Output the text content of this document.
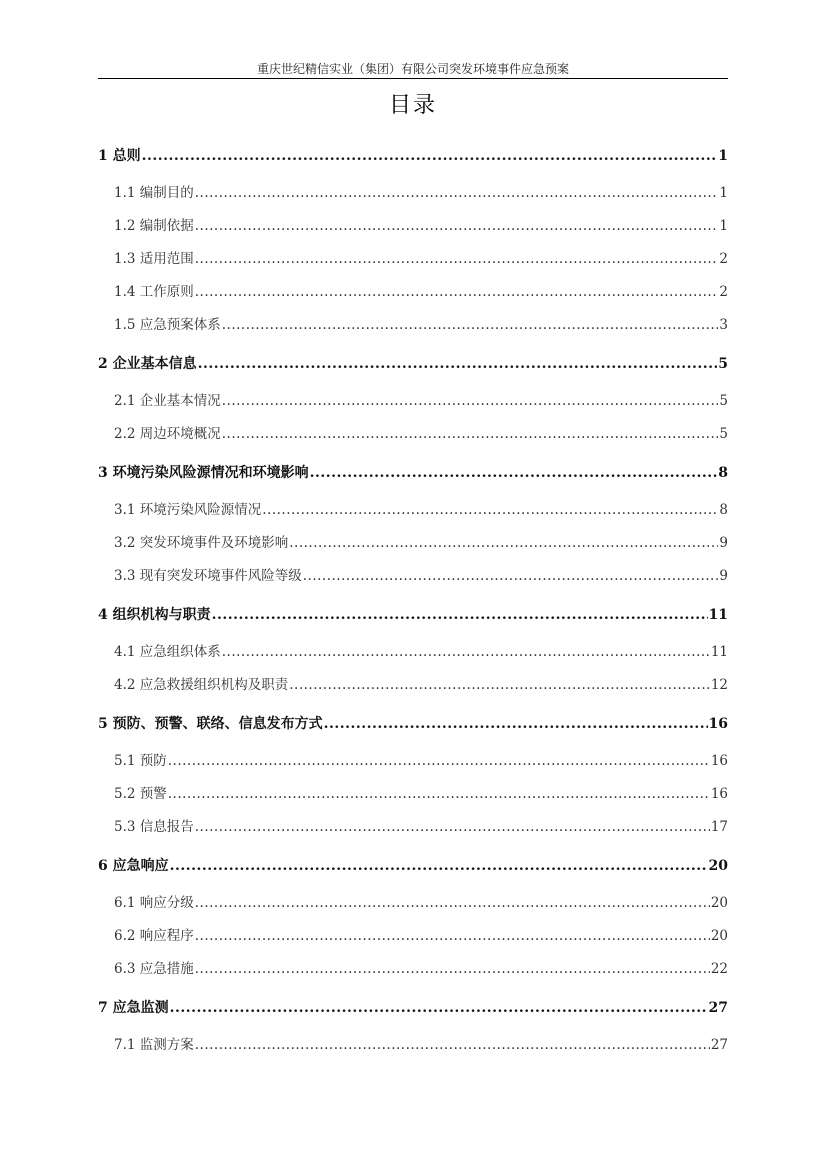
重庆世纪精信实业（集团）有限公司突发环境事件应急预案
目录
1 总则 .....	1
1.1 编制目的 .....	1
1.2 编制依据 .....	1
1.3 适用范围 .....	2
1.4 工作原则 .....	2
1.5 应急预案体系 .....	3
2 企业基本信息 .....	5
2.1 企业基本情况 .....	5
2.2 周边环境概况 .....	5
3 环境污染风险源情况和环境影响 .....	8
3.1 环境污染风险源情况 .....	8
3.2 突发环境事件及环境影响 .....	9
3.3 现有突发环境事件风险等级 .....	9
4 组织机构与职责 .....	11
4.1 应急组织体系 .....	11
4.2 应急救援组织机构及职责 .....	12
5 预防、预警、联络、信息发布方式 .....	16
5.1 预防 .....	16
5.2 预警 .....	16
5.3 信息报告 .....	17
6 应急响应 .....	20
6.1 响应分级 .....	20
6.2 响应程序 .....	20
6.3 应急措施 .....	22
7 应急监测 .....	27
7.1 监测方案 .....	27
